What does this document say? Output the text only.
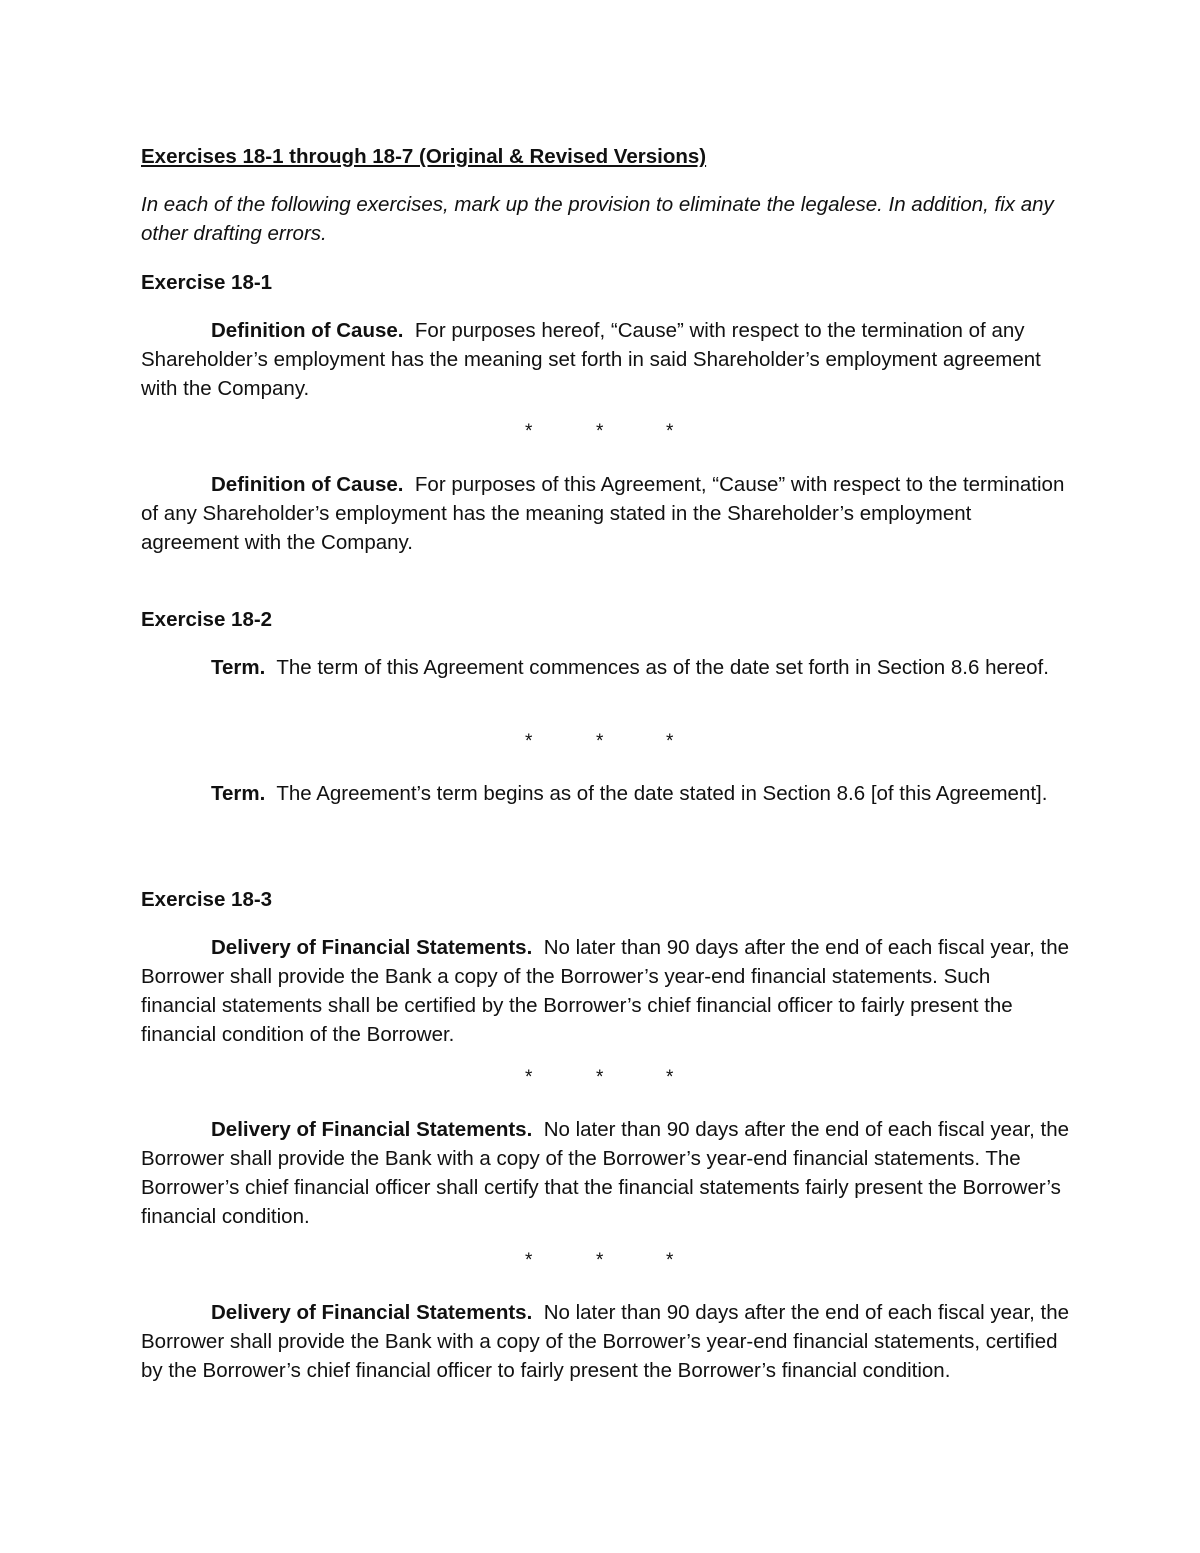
Exercises 18-1 through 18-7 (Original & Revised Versions)

In each of the following exercises, mark up the provision to eliminate the legalese. In addition, fix any other drafting errors.

Exercise 18-1

Definition of Cause. For purposes hereof, “Cause” with respect to the termination of any Shareholder’s employment has the meaning set forth in said Shareholder’s employment agreement with the Company.

*	*	*

Definition of Cause. For purposes of this Agreement, “Cause” with respect to the termination of any Shareholder’s employment has the meaning stated in the Shareholder’s employment agreement with the Company.

Exercise 18-2

Term. The term of this Agreement commences as of the date set forth in Section 8.6 hereof.

*	*	*

Term. The Agreement’s term begins as of the date stated in Section 8.6 [of this Agreement].

Exercise 18-3

Delivery of Financial Statements. No later than 90 days after the end of each fiscal year, the Borrower shall provide the Bank a copy of the Borrower’s year-end financial statements. Such financial statements shall be certified by the Borrower’s chief financial officer to fairly present the financial condition of the Borrower.

*	*	*

Delivery of Financial Statements. No later than 90 days after the end of each fiscal year, the Borrower shall provide the Bank with a copy of the Borrower’s year-end financial statements. The Borrower’s chief financial officer shall certify that the financial statements fairly present the Borrower’s financial condition.

*	*	*

Delivery of Financial Statements. No later than 90 days after the end of each fiscal year, the Borrower shall provide the Bank with a copy of the Borrower’s year-end financial statements, certified by the Borrower’s chief financial officer to fairly present the Borrower’s financial condition.
